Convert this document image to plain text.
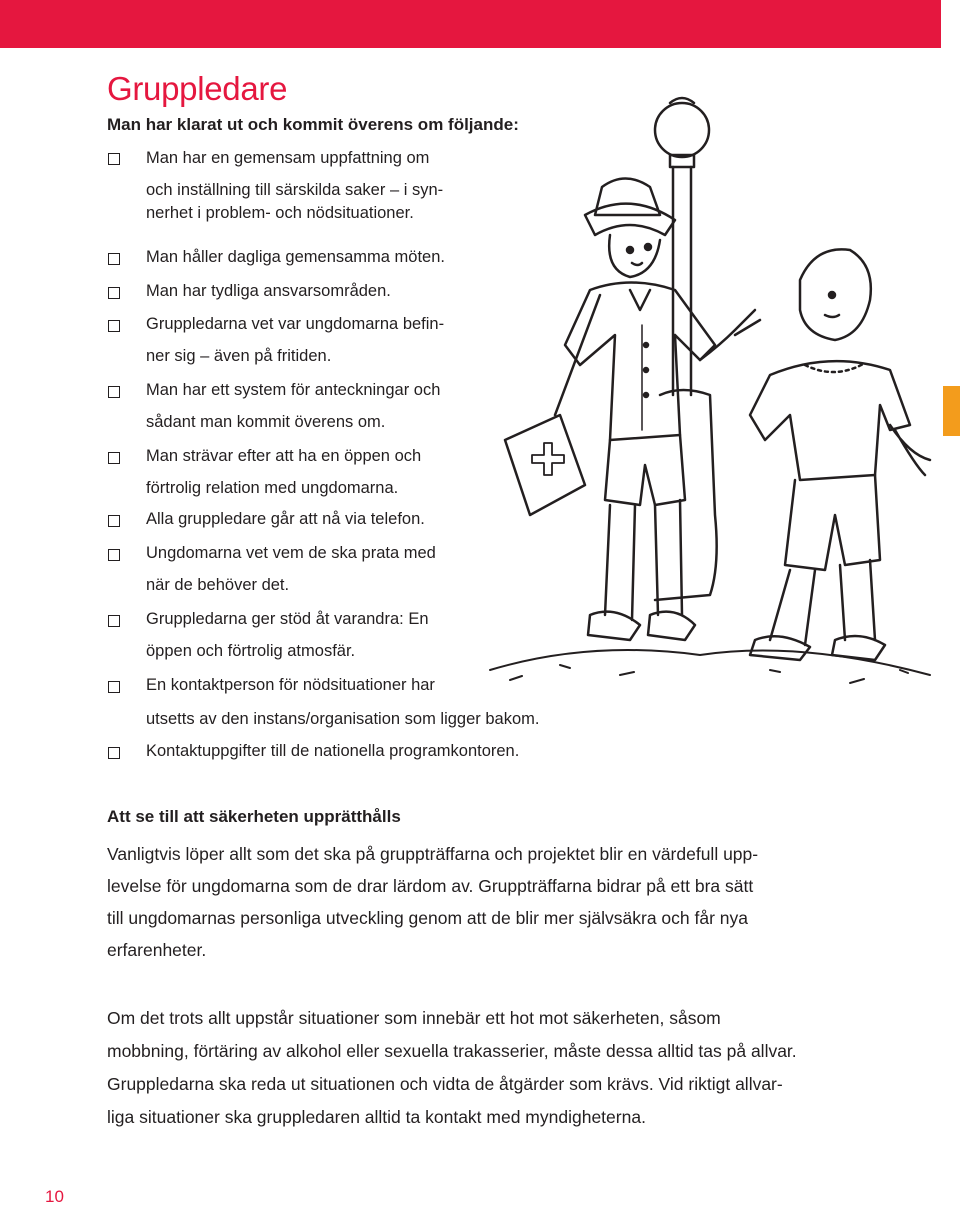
Gruppledare
Man har klarat ut och kommit överens om följande:
Man har en gemensam uppfattning om
och inställning till särskilda saker – i syn-
nerhet i problem- och nödsituationer.
Man håller dagliga gemensamma möten.
Man har tydliga ansvarsområden.
Gruppledarna vet var ungdomarna befin-
ner sig – även på fritiden.
Man har ett system för anteckningar och
sådant man kommit överens om.
Man strävar efter att ha en öppen och
förtrolig relation med ungdomarna.
Alla gruppledare går att nå via telefon.
Ungdomarna vet vem de ska prata med
när de behöver det.
Gruppledarna ger stöd åt varandra: En
öppen och förtrolig atmosfär.
En kontaktperson för nödsituationer har
utsetts av den instans/organisation som ligger bakom.
Kontaktuppgifter till de nationella programkontoren.
Att se till att säkerheten upprätthålls
Vanligtvis löper allt som det ska på gruppträffarna och projektet blir en värdefull upp-
levelse för ungdomarna som de drar lärdom av. Gruppträffarna bidrar på ett bra sätt
till ungdomarnas personliga utveckling genom att de blir mer självsäkra och får nya
erfarenheter.
Om det trots allt uppstår situationer som innebär ett hot mot säkerheten, såsom
mobbning, förtäring av alkohol eller sexuella trakasserier, måste dessa alltid tas på allvar.
Gruppledarna ska reda ut situationen och vidta de åtgärder som krävs. Vid riktigt allvar-
liga situationer ska gruppledaren alltid ta kontakt med myndigheterna.
10
